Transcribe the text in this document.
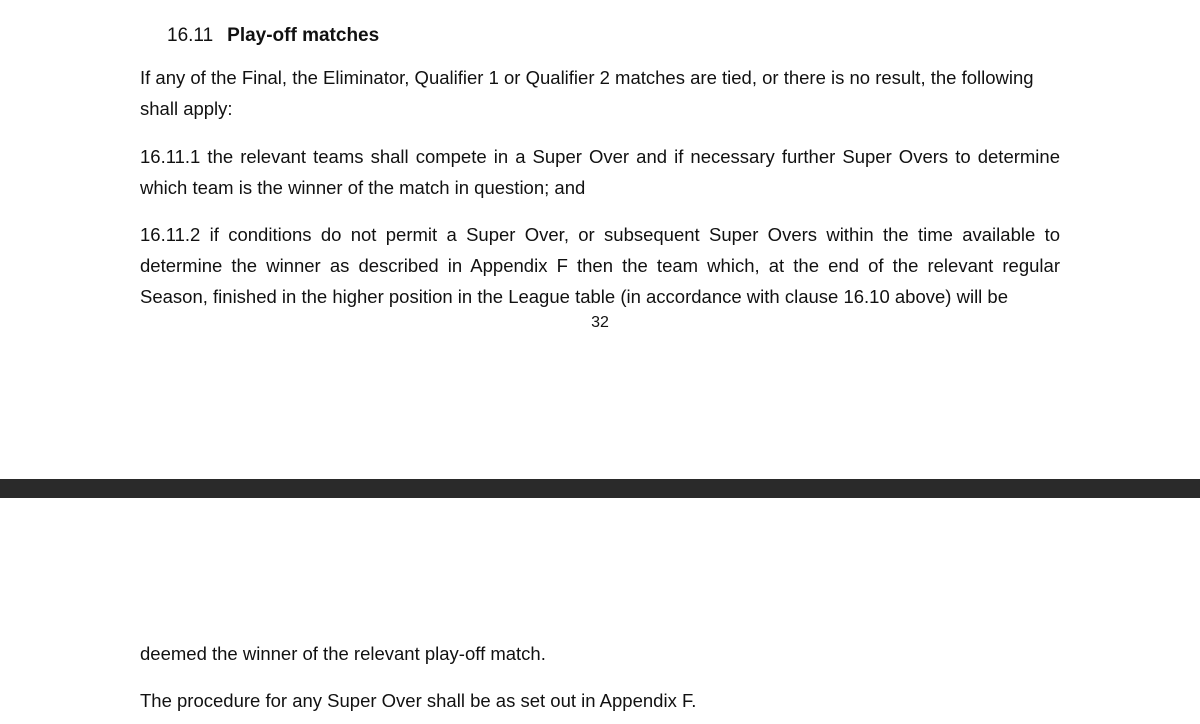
16.11 Play-off matches

If any of the Final, the Eliminator, Qualifier 1 or Qualifier 2 matches are tied, or there is no result, the following shall apply:

16.11.1 the relevant teams shall compete in a Super Over and if necessary further Super Overs to determine which team is the winner of the match in question; and

16.11.2 if conditions do not permit a Super Over, or subsequent Super Overs within the time available to determine the winner as described in Appendix F then the team which, at the end of the relevant regular Season, finished in the higher position in the League table (in accordance with clause 16.10 above) will be

32

deemed the winner of the relevant play-off match.

The procedure for any Super Over shall be as set out in Appendix F.
